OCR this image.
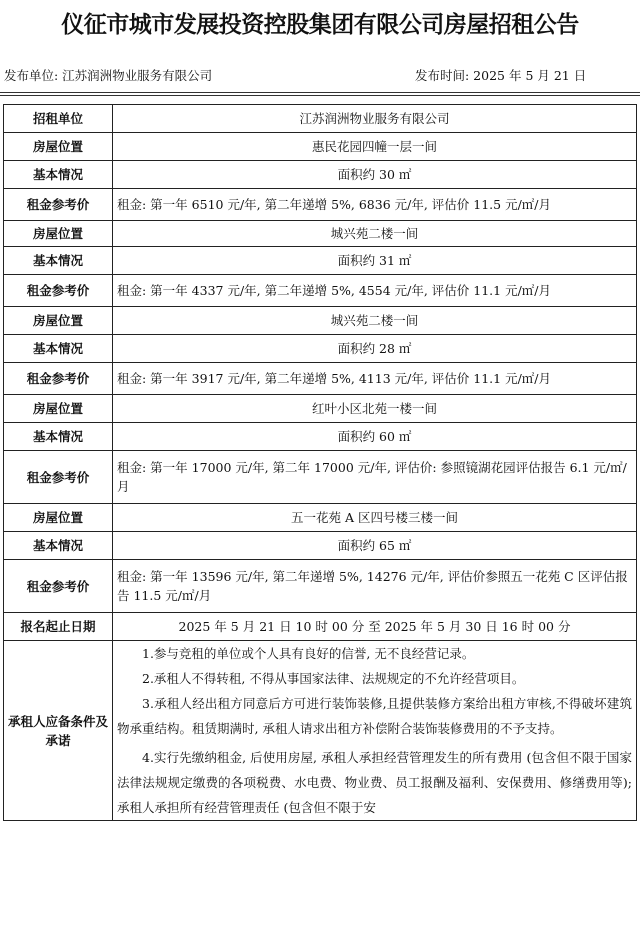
仪征市城市发展投资控股集团有限公司房屋招租公告
发布单位: 江苏润洲物业服务有限公司	发布时间: 2025 年 5 月 21 日
招租单位	江苏润洲物业服务有限公司
房屋位置	惠民花园四幢一层一间
基本情况	面积约 30 ㎡
租金参考价	租金: 第一年 6510 元/年, 第二年递增 5%, 6836 元/年, 评估价 11.5 元/㎡/月
房屋位置	城兴苑二楼一间
基本情况	面积约 31 ㎡
租金参考价	租金: 第一年 4337 元/年, 第二年递增 5%, 4554 元/年, 评估价 11.1 元/㎡/月
房屋位置	城兴苑二楼一间
基本情况	面积约 28 ㎡
租金参考价	租金: 第一年 3917 元/年, 第二年递增 5%, 4113 元/年, 评估价 11.1 元/㎡/月
房屋位置	红叶小区北苑一楼一间
基本情况	面积约 60 ㎡
租金参考价	租金: 第一年 17000 元/年, 第二年 17000 元/年, 评估价: 参照镜湖花园评估报告 6.1 元/㎡/月
房屋位置	五一花苑 A 区四号楼三楼一间
基本情况	面积约 65 ㎡
租金参考价	租金: 第一年 13596 元/年, 第二年递增 5%, 14276 元/年, 评估价参照五一花苑 C 区评估报告 11.5 元/㎡/月
报名起止日期	2025 年 5 月 21 日 10 时 00 分 至 2025 年 5 月 30 日 16 时 00 分
承租人应备条件及承诺	1.参与竞租的单位或个人具有良好的信誉, 无不良经营记录。

2.承租人不得转租, 不得从事国家法律、法规规定的不允许经营项目。

3.承租人经出租方同意后方可进行装饰装修,且提供装修方案给出租方审核,不得破坏建筑物承重结构。租赁期满时, 承租人请求出租方补偿附合装饰装修费用的不予支持。

4.实行先缴纳租金, 后使用房屋, 承租人承担经营管理发生的所有费用 (包含但不限于国家法律法规规定缴费的各项税费、水电费、物业费、员工报酬及福利、安保费用、修缮费用等); 承租人承担所有经营管理责任 (包含但不限于安
